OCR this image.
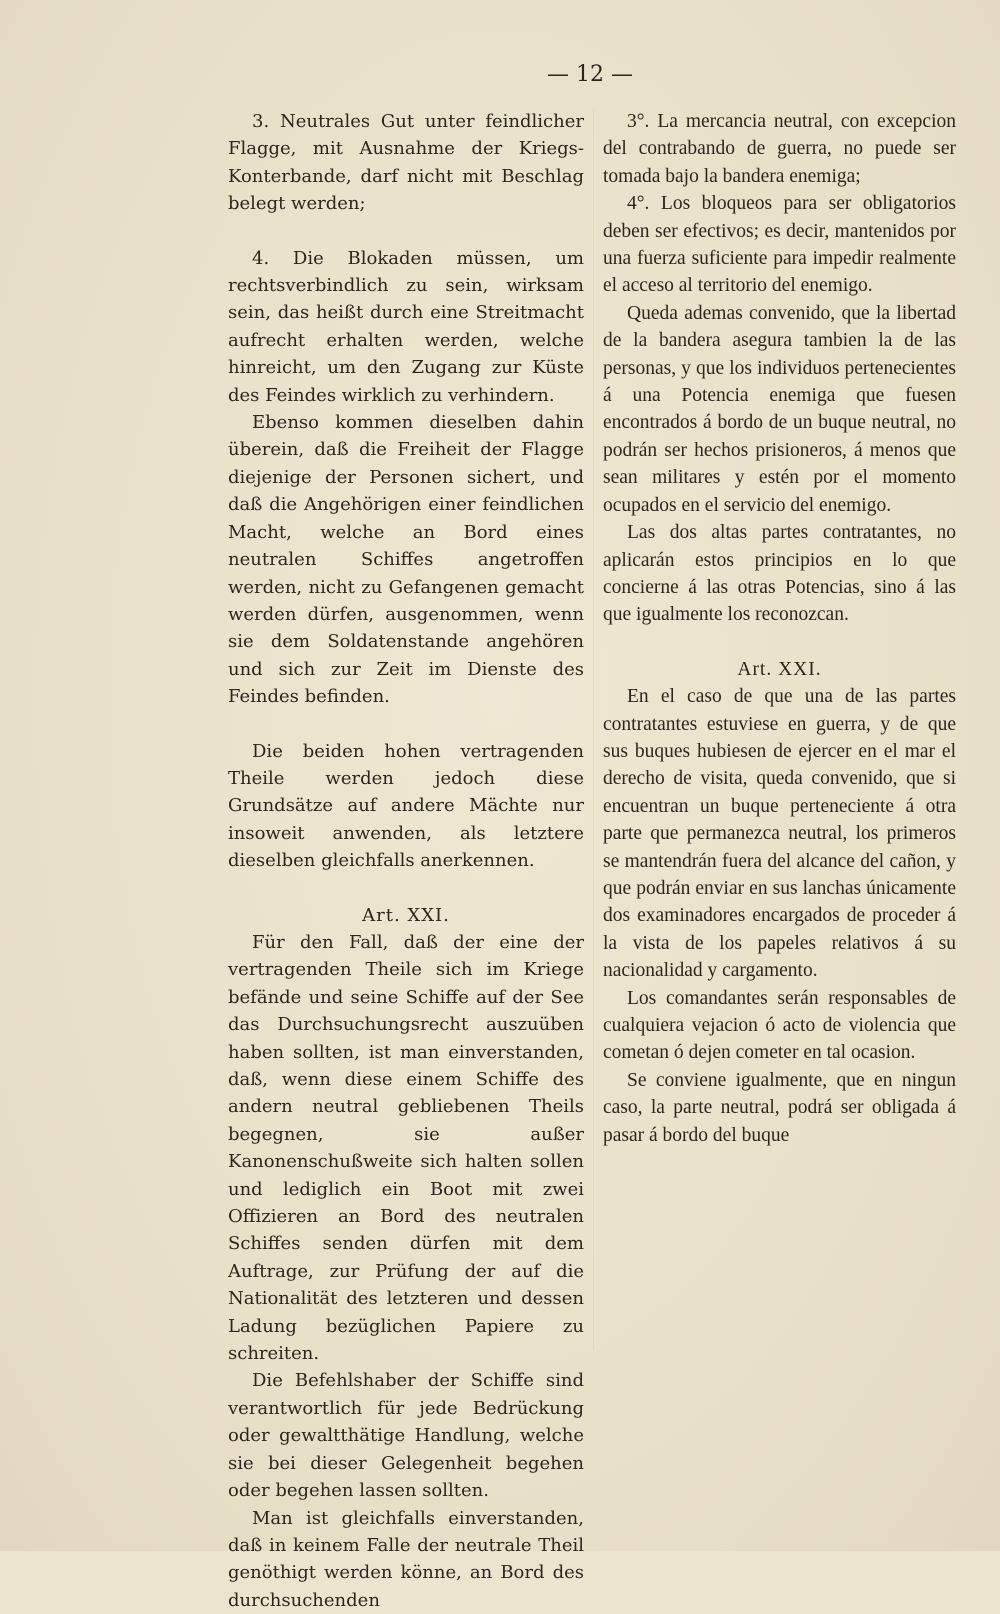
— 12 —

3. Neutrales Gut unter feindlicher Flagge, mit Ausnahme der Kriegs-Konterbande, darf nicht mit Beschlag belegt werden;

4. Die Blokaden müssen, um rechtsverbindlich zu sein, wirksam sein, das heißt durch eine Streitmacht aufrecht erhalten werden, welche hinreicht, um den Zugang zur Küste des Feindes wirklich zu verhindern.

Ebenso kommen dieselben dahin überein, daß die Freiheit der Flagge diejenige der Personen sichert, und daß die Angehörigen einer feindlichen Macht, welche an Bord eines neutralen Schiffes angetroffen werden, nicht zu Gefangenen gemacht werden dürfen, ausgenommen, wenn sie dem Soldatenstande angehören und sich zur Zeit im Dienste des Feindes befinden.

Die beiden hohen vertragenden Theile werden jedoch diese Grundsätze auf andere Mächte nur insoweit anwenden, als letztere dieselben gleichfalls anerkennen.

Art. XXI.

Für den Fall, daß der eine der vertragenden Theile sich im Kriege befände und seine Schiffe auf der See das Durchsuchungsrecht auszuüben haben sollten, ist man einverstanden, daß, wenn diese einem Schiffe des andern neutral gebliebenen Theils begegnen, sie außer Kanonenschußweite sich halten sollen und lediglich ein Boot mit zwei Offizieren an Bord des neutralen Schiffes senden dürfen mit dem Auftrage, zur Prüfung der auf die Nationalität des letzteren und dessen Ladung bezüglichen Papiere zu schreiten.

Die Befehlshaber der Schiffe sind verantwortlich für jede Bedrückung oder gewaltthätige Handlung, welche sie bei dieser Gelegenheit begehen oder begehen lassen sollten.

Man ist gleichfalls einverstanden, daß in keinem Falle der neutrale Theil genöthigt werden könne, an Bord des durchsuchenden

3°. La mercancia neutral, con excepcion del contrabando de guerra, no puede ser tomada bajo la bandera enemiga;

4°. Los bloqueos para ser obligatorios deben ser efectivos; es decir, mantenidos por una fuerza suficiente para impedir realmente el acceso al territorio del enemigo.

Queda ademas convenido, que la libertad de la bandera asegura tambien la de las personas, y que los individuos pertenecientes á una Potencia enemiga que fuesen encontrados á bordo de un buque neutral, no podrán ser hechos prisioneros, á menos que sean militares y estén por el momento ocupados en el servicio del enemigo.

Las dos altas partes contratantes, no aplicarán estos principios en lo que concierne á las otras Potencias, sino á las que igualmente los reconozcan.

Art. XXI.

En el caso de que una de las partes contratantes estuviese en guerra, y de que sus buques hubiesen de ejercer en el mar el derecho de visita, queda convenido, que si encuentran un buque perteneciente á otra parte que permanezca neutral, los primeros se mantendrán fuera del alcance del cañon, y que podrán enviar en sus lanchas únicamente dos examinadores encargados de proceder á la vista de los papeles relativos á su nacionalidad y cargamento.

Los comandantes serán responsables de cualquiera vejacion ó acto de violencia que cometan ó dejen cometer en tal ocasion.

Se conviene igualmente, que en ningun caso, la parte neutral, podrá ser obligada á pasar á bordo del buque
